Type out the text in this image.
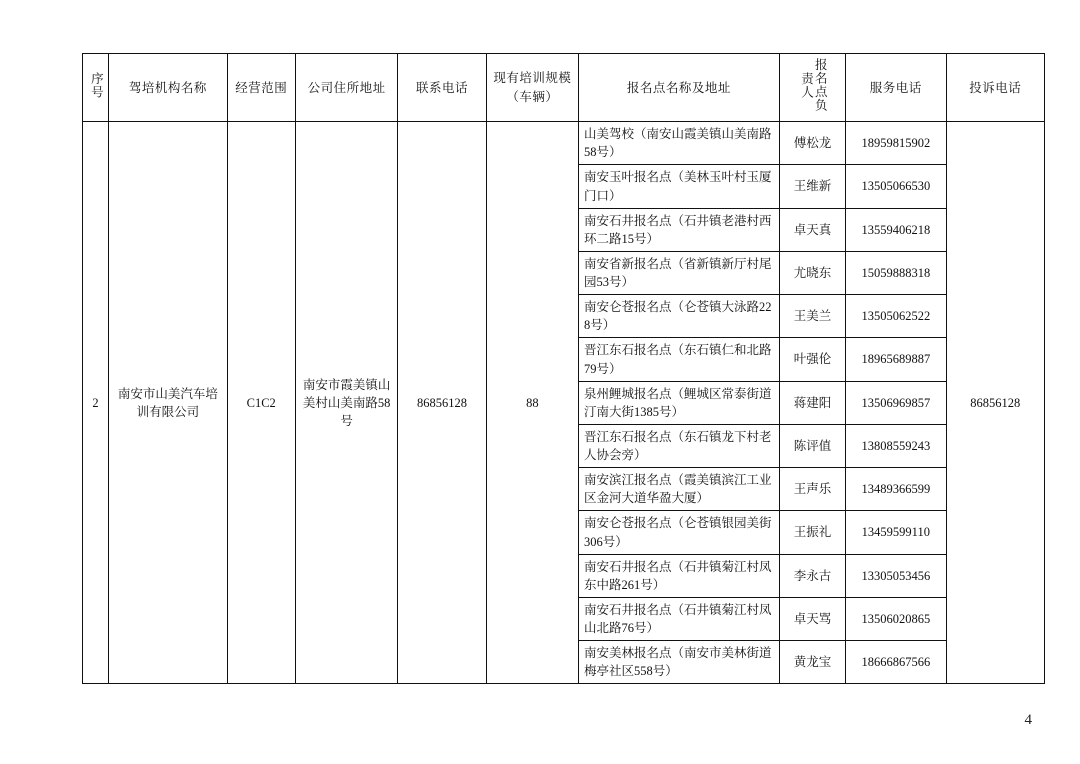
序号	驾培机构名称	经营范围	公司住所地址	联系电话	现有培训规模（车辆）	报名点名称及地址	报名点负责人	服务电话	投诉电话
2	南安市山美汽车培训有限公司	C1C2	南安市霞美镇山美村山美南路58号	86856128	88	山美驾校（南安山霞美镇山美南路58号）	傅松龙	18959815902	86856128
						南安玉叶报名点（美林玉叶村玉厦门口）	王维新	13505066530	
						南安石井报名点（石井镇老港村西环二路15号）	卓天真	13559406218	
						南安省新报名点（省新镇新厅村尾园53号）	尤晓东	15059888318	
						南安仑苍报名点（仑苍镇大泳路228号）	王美兰	13505062522	
						晋江东石报名点（东石镇仁和北路79号）	叶强伦	18965689887	
						泉州鲤城报名点（鲤城区常泰街道汀南大街1385号）	蒋建阳	13506969857	
						晋江东石报名点（东石镇龙下村老人协会旁）	陈评值	13808559243	
						南安滨江报名点（霞美镇滨江工业区金河大道华盈大厦）	王声乐	13489366599	
						南安仑苍报名点（仑苍镇银园美街306号）	王振礼	13459599110	
						南安石井报名点（石井镇菊江村凤东中路261号）	李永古	13305053456	
						南安石井报名点（石井镇菊江村凤山北路76号）	卓天骂	13506020865	
						南安美林报名点（南安市美林街道梅亭社区558号）	黄龙宝	18666867566	
4
